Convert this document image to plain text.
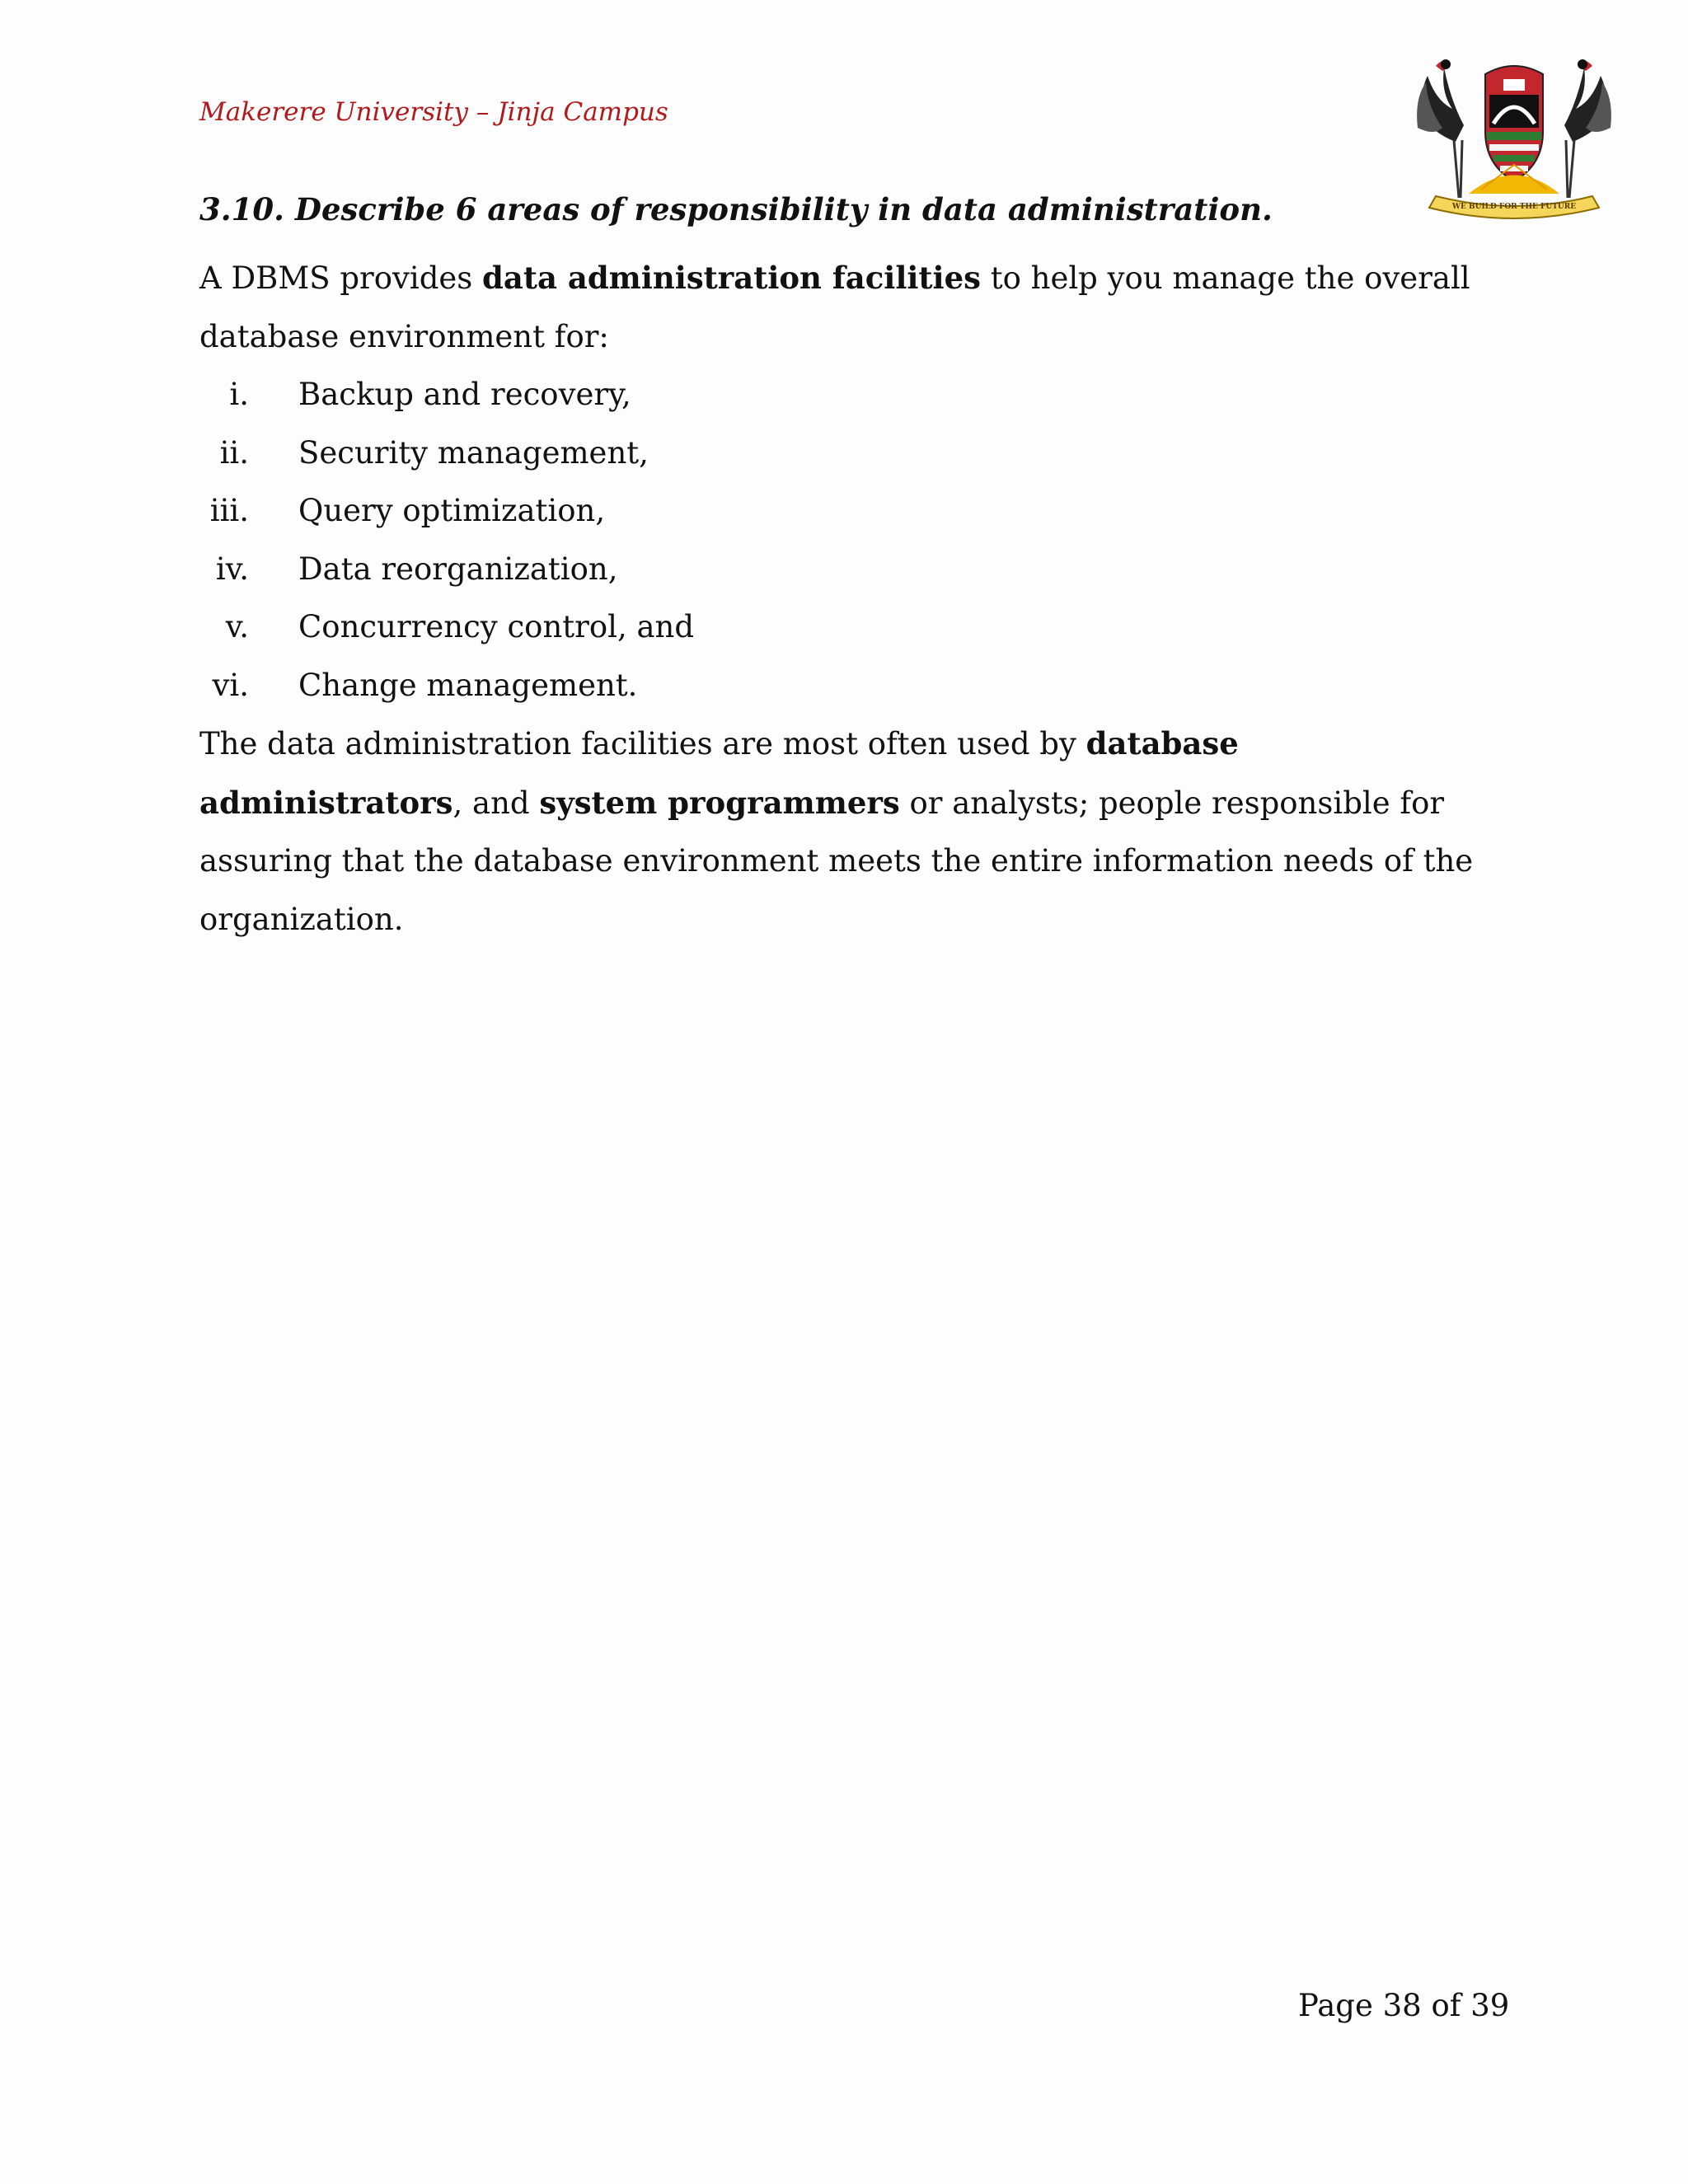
Makerere University – Jinja Campus
WE BUILD FOR THE FUTURE
3.10. Describe 6 areas of responsibility in data administration.

A DBMS provides data administration facilities to help you manage the overall database environment for:

i. Backup and recovery,
ii. Security management,
iii. Query optimization,
iv. Data reorganization,
v. Concurrency control, and
vi. Change management.

The data administration facilities are most often used by database administrators, and system programmers or analysts; people responsible for assuring that the database environment meets the entire information needs of the organization.

Page 38 of 39
